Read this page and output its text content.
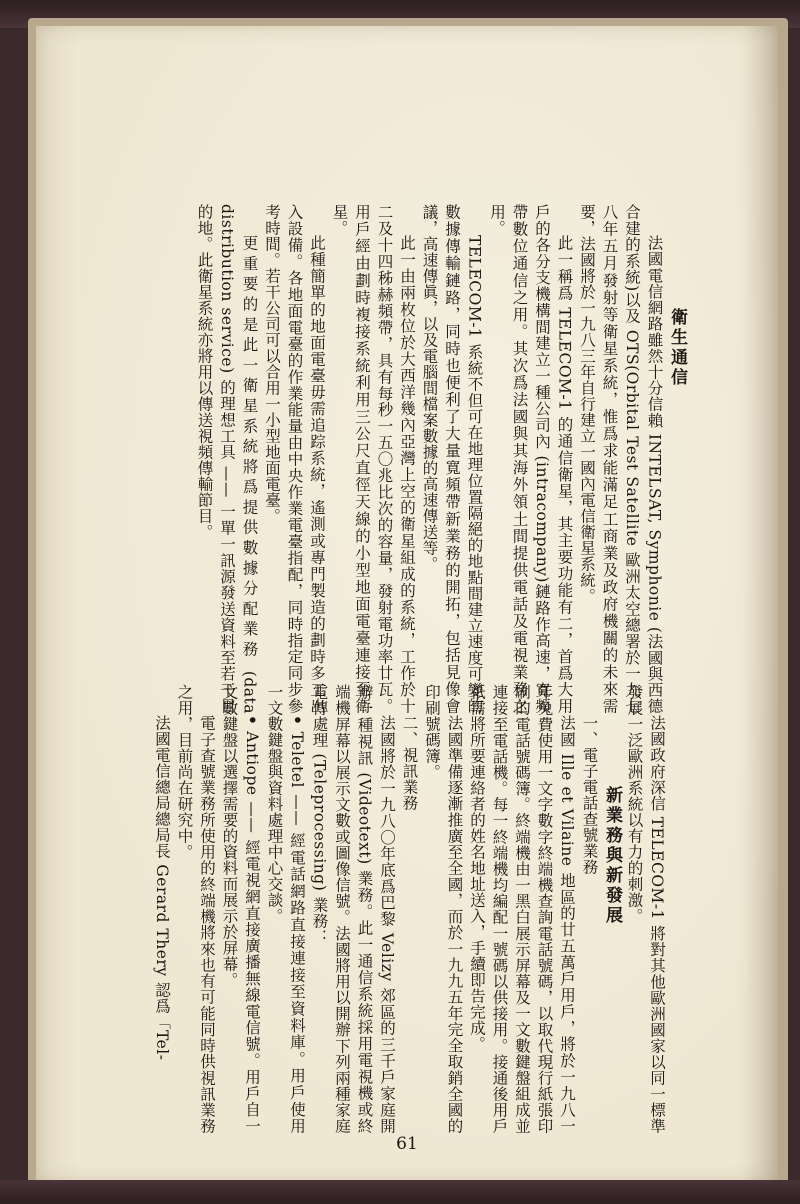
衛生通信

法國電信網路雖然十分信賴 INTELSAT, Symphonie (法國與西德合建的系統)以及 OTS(Orbital Test Satellite 歐洲太空總署於一九七八年五月發射等衛星系統，惟爲求能滿足工商業及政府機關的未來需要，法國將於一九八三年自行建立一國內電信衛星系統。

此一稱爲 TELECOM-1 的通信衛星，其主要功能有二，首爲大用戶的各分支機構間建立一種公司內 (intracompany)鏈路作高速，寬頻帶數位通信之用。其次爲法國與其海外領土間提供電話及電視業務之用。

TELECOM-1 系統不但可在地理位置隔絕的地點間建立速度可變的數據傳輸鏈路，同時也便利了大量寬頻帶新業務的開拓，包括見像會議，高速傳眞，以及電腦間檔案數據的高速傳送等。

此一由兩枚位於大西洋幾內亞灣上空的衛星組成的系統，工作於十二及十四秭赫頻帶，具有每秒一五〇兆比次的容量，發射電功率廿瓦。用戶經由劃時複接系統利用三公尺直徑天線的小型地面電臺連接至衛星。

此種簡單的地面電臺毋需追踪系統，遙測或專門製造的劃時多工出入設備。各地面電臺的作業能量由中央作業電臺指配，同時指定同步參考時間。若干公司可以合用一小型地面電臺。

更重要的是此一衛星系統將爲提供數據分配業務 (data distribution service) 的理想工具 —— 一單一訊源發送資料至若干目的地。此衛星系統亦將用以傳送視頻傳輸節目。

法國政府深信 TELECOM-1 將對其他歐洲國家以同一標準發展一泛歐洲系統以有力的刺激。

新業務與新發展

一、電子電話查號業務

法國 Ille et Vilaine 地區的廿五萬戶用戶，將於一九八一年免費使用一文字數字終端機查詢電話號碼，以取代現行紙張印刷的電話號碼簿。終端機由一黑白展示屏幕及一文數鍵盤組成並連接至電話機。每一終端機均編配一號碼以供接用。接通後用戶祇需將所要連絡者的姓名地址送入，手續即告完成。

法國準備逐漸推廣至全國，而於一九九五年完全取銷全國的印刷號碼簿。

二、視訊業務

法國將於一九八〇年底爲巴黎 Velizy 郊區的三千戶家庭開辦一種視訊 (Videotext) 業務。此一通信系統採用電視機或終端機屏幕以展示文數或圖像信號。法國將用以開辦下列兩種家庭電傳處理 (Teleprocessing) 業務：

• Teletel —— 經電話網路直接連接至資料庫。用戶使用一文數鍵盤與資料處理中心交談。

• Antiope —— 經電視網直接廣播無線電信號。用戶自一文數鍵盤以選擇需要的資料而展示於屏幕。

電子查號業務所使用的終端機將來也有可能同時供視訊業務之用，目前尚在研究中。

法國電信總局總局長 Gerard Thery 認爲「Tel-

61
